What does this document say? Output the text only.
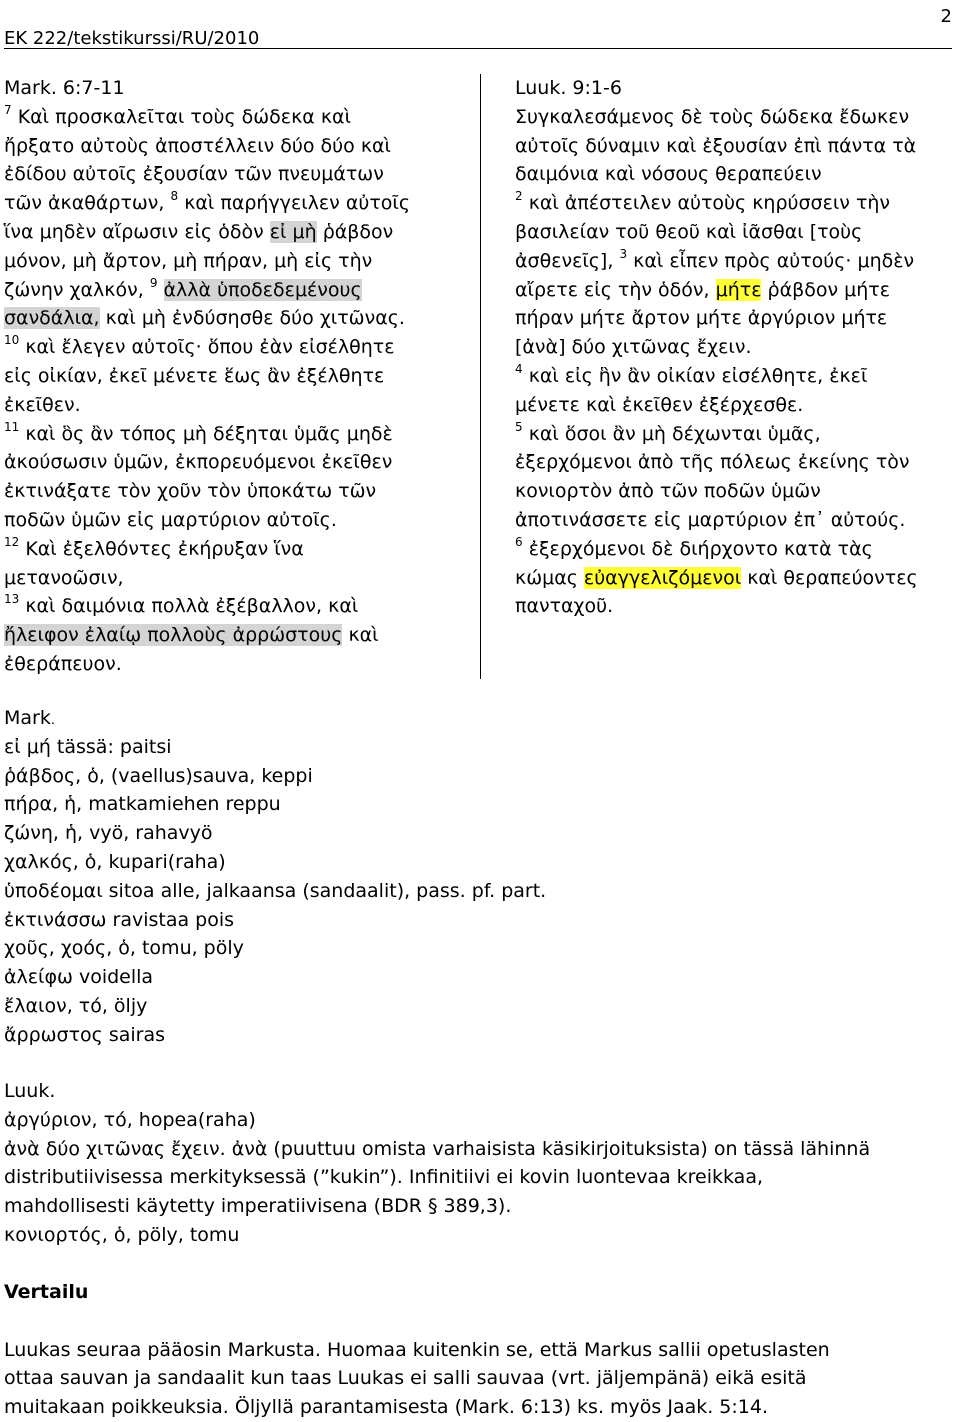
EK 222/tekstikurssi/RU/2010
2
Mark. 6:7-11
$^7$ Καὶ προσκαλεῖται τοὺς δώδεκα καὶ
ἤρξατο αὐτοὺς ἀποστέλλειν δύο δύο καὶ
ἐδίδου αὐτοῖς ἐξουσίαν τῶν πνευμάτων
τῶν ἀκαθάρτων, $^8$ καὶ παρήγγειλεν αὐτοῖς
ἵνα μηδὲν αἴρωσιν εἰς ὁδὸν εἰ μὴ ῥάβδον
μόνον, μὴ ἄρτον, μὴ πήραν, μὴ εἰς τὴν
ζώνην χαλκόν, $^9$ ἀλλὰ ὑποδεδεμένους
σανδάλια, καὶ μὴ ἐνδύσησθε δύο χιτῶνας.
$^{10}$ καὶ ἔλεγεν αὐτοῖς· ὅπου ἐὰν εἰσέλθητε
εἰς οἰκίαν, ἐκεῖ μένετε ἕως ἂν ἐξέλθητε
ἐκεῖθεν.
$^{11}$ καὶ ὃς ἂν τόπος μὴ δέξηται ὑμᾶς μηδὲ
ἀκούσωσιν ὑμῶν, ἐκπορευόμενοι ἐκεῖθεν
ἐκτινάξατε τὸν χοῦν τὸν ὑποκάτω τῶν
ποδῶν ὑμῶν εἰς μαρτύριον αὐτοῖς.
$^{12}$ Καὶ ἐξελθόντες ἐκήρυξαν ἵνα
μετανοῶσιν,
$^{13}$ καὶ δαιμόνια πολλὰ ἐξέβαλλον, καὶ
ἤλειφον ἐλαίῳ πολλοὺς ἀρρώστους καὶ
ἐθεράπευον.
Luuk. 9:1-6
Συγκαλεσάμενος δὲ τοὺς δώδεκα ἔδωκεν
αὐτοῖς δύναμιν καὶ ἐξουσίαν ἐπὶ πάντα τὰ
δαιμόνια καὶ νόσους θεραπεύειν
$^2$ καὶ ἀπέστειλεν αὐτοὺς κηρύσσειν τὴν
βασιλείαν τοῦ θεοῦ καὶ ἰᾶσθαι [τοὺς
ἀσθενεῖς], $^3$ καὶ εἶπεν πρὸς αὐτούς· μηδὲν
αἴρετε εἰς τὴν ὁδόν, μήτε ῥάβδον μήτε
πήραν μήτε ἄρτον μήτε ἀργύριον μήτε
[ἀνὰ] δύο χιτῶνας ἔχειν.
$^4$ καὶ εἰς ἣν ἂν οἰκίαν εἰσέλθητε, ἐκεῖ
μένετε καὶ ἐκεῖθεν ἐξέρχεσθε.
$^5$ καὶ ὅσοι ἂν μὴ δέχωνται ὑμᾶς,
ἐξερχόμενοι ἀπὸ τῆς πόλεως ἐκείνης τὸν
κονιορτὸν ἀπὸ τῶν ποδῶν ὑμῶν
ἀποτινάσσετε εἰς μαρτύριον ἐπ᾽ αὐτούς.
$^6$ ἐξερχόμενοι δὲ διήρχοντο κατὰ τὰς
κώμας εὐαγγελιζόμενοι καὶ θεραπεύοντες
πανταχοῦ.
Mark.
εἰ μή tässä: paitsi
ῥάβδος, ὁ, (vaellus)sauva, keppi
πήρα, ἡ, matkamiehen reppu
ζώνη, ἡ, vyö, rahavyö
χαλκός, ὁ, kupari(raha)
ὑποδέομαι sitoa alle, jalkaansa (sandaalit), pass. pf. part.
ἐκτινάσσω ravistaa pois
χοῦς, χοός, ὁ, tomu, pöly
ἀλείφω voidella
ἔλαιον, τό, öljy
ἄρρωστος sairas
Luuk.
ἀργύριον, τό, hopea(raha)
ἀνὰ δύο χιτῶνας ἔχειν. ἀνὰ (puuttuu omista varhaisista käsikirjoituksista) on tässä lähinnä
distributiivisessa merkityksessä (”kukin”). Infinitiivi ei kovin luontevaa kreikkaa,
mahdollisesti käytetty imperatiivisena (BDR § 389,3).
κονιορτός, ὁ, pöly, tomu
Vertailu
Luukas seuraa pääosin Markusta. Huomaa kuitenkin se, että Markus sallii opetuslasten
ottaa sauvan ja sandaalit kun taas Luukas ei salli sauvaa (vrt. jäljempänä) eikä esitä
muitakaan poikkeuksia. Öljyllä parantamisesta (Mark. 6:13) ks. myös Jaak. 5:14.
